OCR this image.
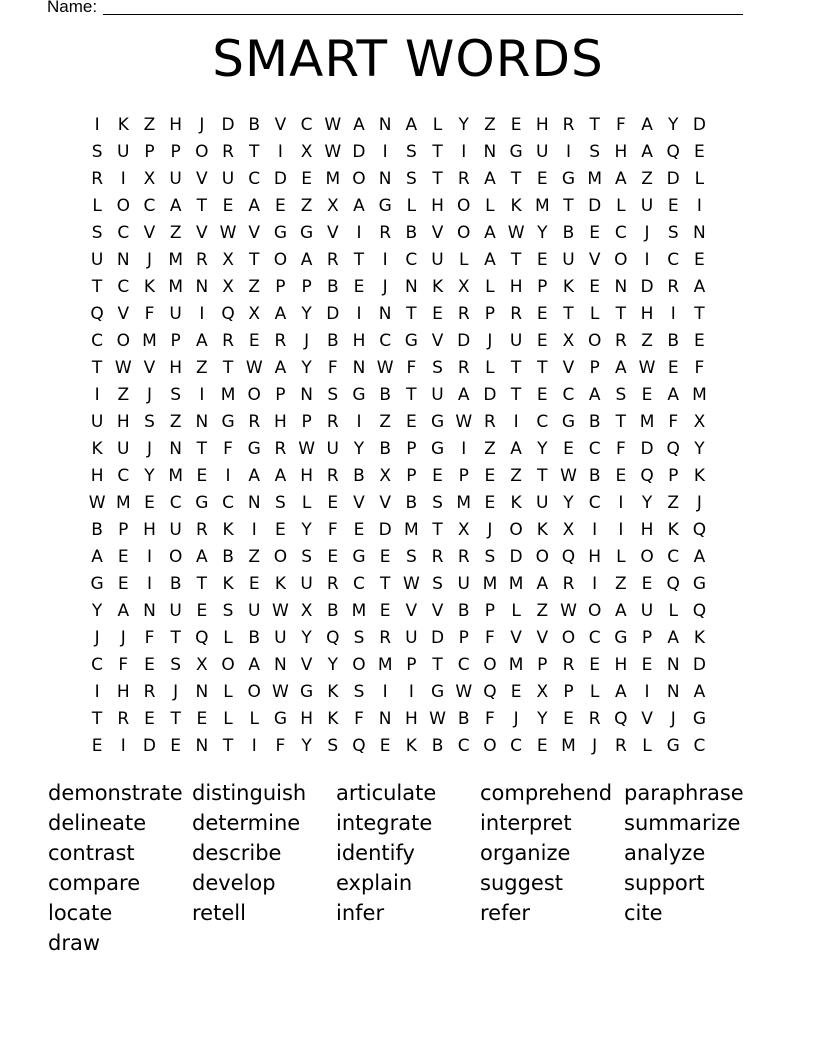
Name:
SMART WORDS
I	K Z H	J	D B V C W A N A L Y Z E H R T F A Y D
S U P P O R T	I	X W D	I	S T	I	N G U	I	S H A Q E
R	I	X U V U C D E M O N S T R A T E G M A Z D L
L O C A T E A E Z X A G L H O L K M T D L U E	I
S C V Z V W V G G V	I	R B V O A W Y B E C	J	S N
U N	J M R X T O A R T	I	C U L A T E U V O I	C E
T C K M N X Z P P B E	J	N K X L H P K E N D R A
Q V F U	I Q X A Y D	I	N T E R P R E T L T H	I	T
C O M P A R E R	J	B H C G V D	J	U E X O R Z B E
T W V H Z T W A Y F N W F S R L T T V P A W E F
I	Z	J	S	I M O P N S G B T U A D T E C A S E A M
U H S Z N G R H P R	I	Z E G W R	I	C G B T M F X
K U	J	N T F G R W U Y B P G	I	Z A Y E C F D Q Y
H C Y M E	I	A A H R B X P E P E Z T W B E Q P K
W M E C G C N S L E V V B S M E K U Y C	I	Y Z	J
B P H U R K	I	E Y F E D M T X	J O K X	I	I	H K Q
A E	I O A B Z O S E G E S R R S D O Q H L O C A
G E	I	B T K E K U R C T W S U M M A R	I	Z E Q G
Y A N U E S U W X B M E V V B P L Z W O A U L Q
J	J	F T Q L B U Y Q S R U D P F V V O C G P A K
C F E S X O A N V Y O M P T C O M P R E H E N D
I	H R	J	N L O W G K S	I	I	G W Q E X P L A	I	N A
T R E T E L L G H K F N H W B F	J	Y E R Q V	J	G
E	I	D E N T	I	F Y S Q E K B C O C E M J	R L G C
demonstrate distinguish	articulate	comprehend paraphrase
delineate	determine	integrate	interpret	summarize
contrast	describe	identify	organize	analyze
compare	develop	explain	suggest	support
locate	retell	infer	refer	cite
draw
